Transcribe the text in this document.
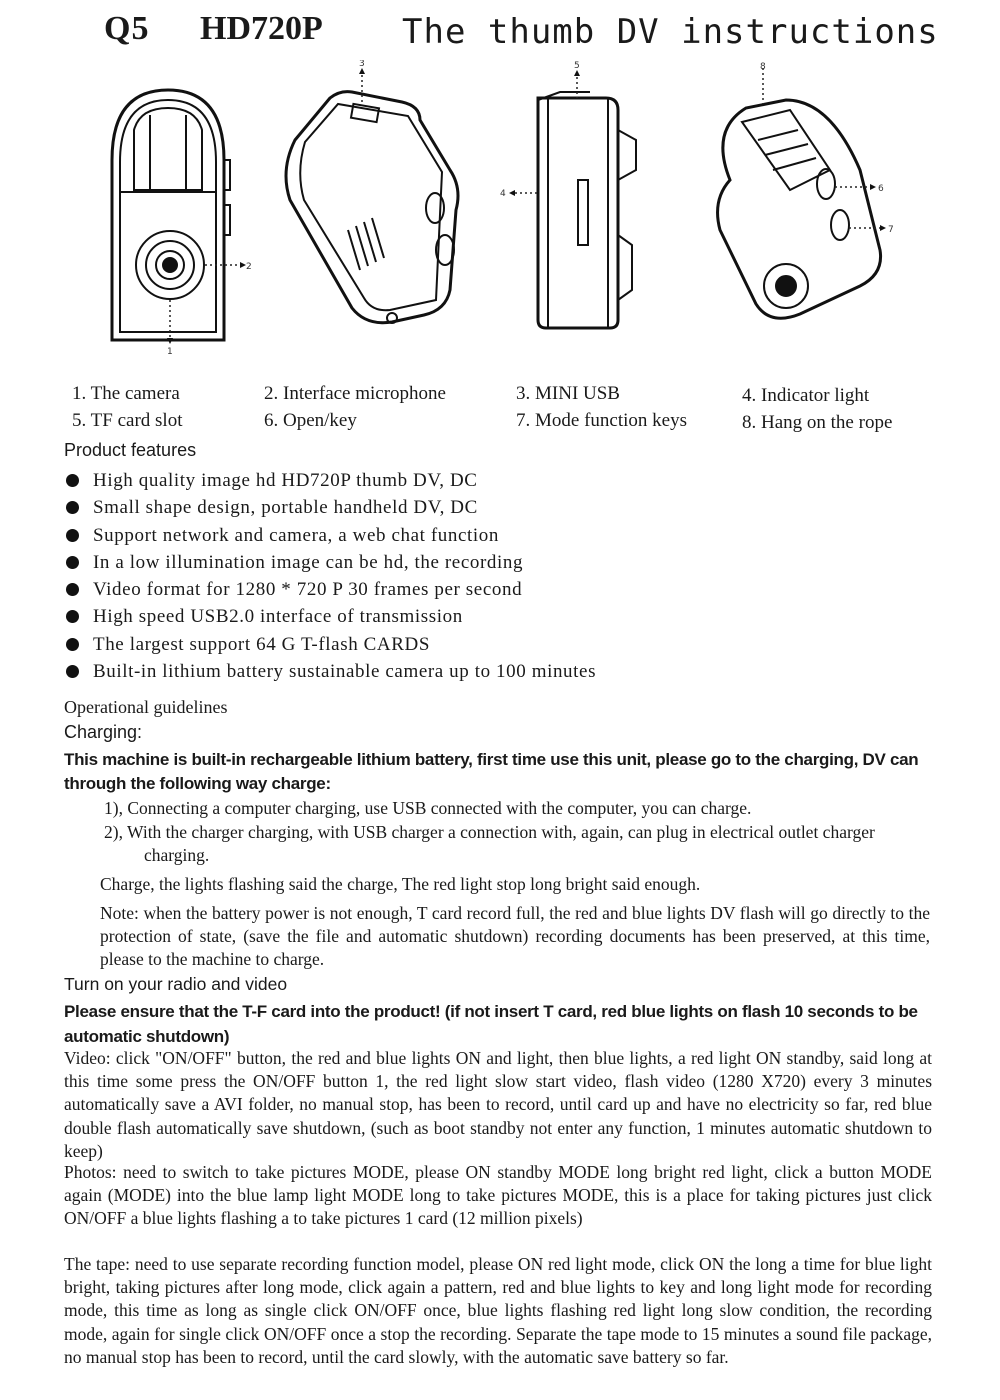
Q5 HD720P The thumb DV instructions
1
2
3
4
5
6
7
8
1. The camera	2. Interface microphone	3. MINI USB	4. Indicator light
5. TF card slot	6. Open/key	7. Mode function keys	8. Hang on the rope
Product features
High quality image hd HD720P thumb DV, DC
Small shape design, portable handheld DV, DC
Support network and camera, a web chat function
In a low illumination image can be hd, the recording
Video format for 1280 * 720 P 30 frames per second
High speed USB2.0 interface of transmission
The largest support 64 G T-flash CARDS
Built-in lithium battery sustainable camera up to 100 minutes
Operational guidelines
Charging:
This machine is built-in rechargeable lithium battery, first time use this unit, please go to the charging, DV can through the following way charge:
1), Connecting a computer charging, use USB connected with the computer, you can charge.
2), With the charger charging, with USB charger a connection with, again, can plug in electrical outlet charger charging.
Charge, the lights flashing said the charge, The red light stop long bright said enough.
Note: when the battery power is not enough, T card record full, the red and blue lights DV flash will go directly to the protection of state, (save the file and automatic shutdown) recording documents has been preserved, at this time, please to the machine to charge.
Turn on your radio and video
Please ensure that the T-F card into the product! (if not insert T card, red blue lights on flash 10 seconds to be automatic shutdown)
Video: click "ON/OFF" button, the red and blue lights ON and light, then blue lights, a red light ON standby, said long at this time some press the ON/OFF button 1, the red light slow start video, flash video (1280 X720) every 3 minutes automatically save a AVI folder, no manual stop, has been to record, until card up and have no electricity so far, red blue double flash automatically save shutdown, (such as boot standby not enter any function, 1 minutes automatic shutdown to keep)
Photos: need to switch to take pictures MODE, please ON standby MODE long bright red light, click a button MODE again (MODE) into the blue lamp light MODE long to take pictures MODE, this is a place for taking pictures just click ON/OFF a blue lights flashing a to take pictures 1 card (12 million pixels)
The tape: need to use separate recording function model, please ON red light mode, click ON the long a time for blue light bright, taking pictures after long mode, click again a pattern, red and blue lights to key and long light mode for recording mode, this time as long as single click ON/OFF once, blue lights flashing red light long slow condition, the recording mode, again for single click ON/OFF once a stop the recording. Separate the tape mode to 15 minutes a sound file package, no manual stop has been to record, until the card slowly, with the automatic save battery so far.
